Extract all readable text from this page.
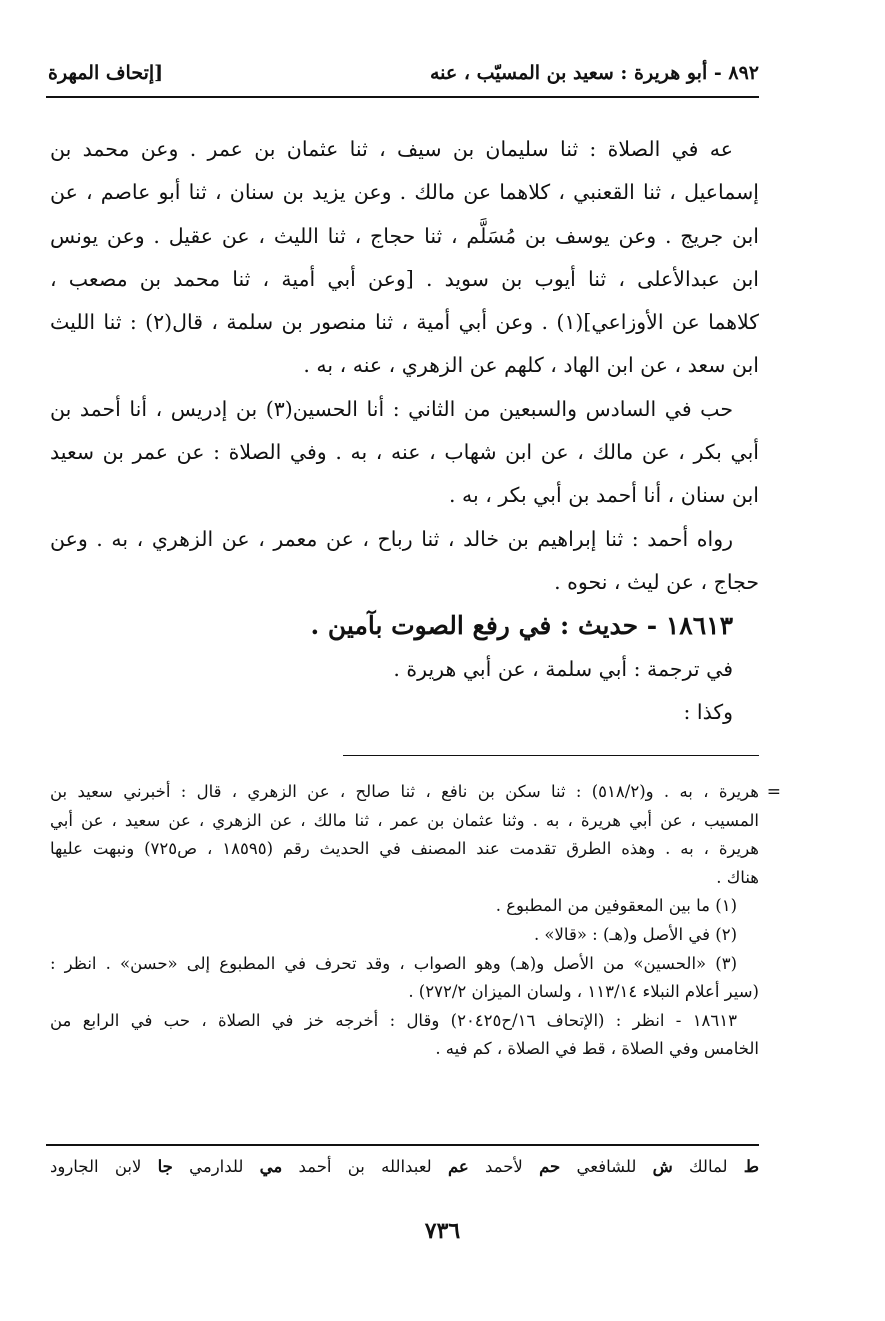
٨٩٢ - أبو هريرة : سعيد بن المسيّب ، عنه
[إتحاف المهرة
عه في الصلاة : ثنا سليمان بن سيف ، ثنا عثمان بن عمر . وعن محمد بن
إسماعيل ، ثنا القعنبي ، كلاهما عن مالك . وعن يزيد بن سنان ، ثنا أبو عاصم ، عن
ابن جريج . وعن يوسف بن مُسَلَّم ، ثنا حجاج ، ثنا الليث ، عن عقيل . وعن يونس
ابن عبدالأعلى ، ثنا أيوب بن سويد . [وعن أبي أمية ، ثنا محمد بن مصعب ،
كلاهما عن الأوزاعي](١) . وعن أبي أمية ، ثنا منصور بن سلمة ، قال(٢) : ثنا الليث
ابن سعد ، عن ابن الهاد ، كلهم عن الزهري ، عنه ، به .
حب في السادس والسبعين من الثاني : أنا الحسين(٣) بن إدريس ، أنا أحمد بن
أبي بكر ، عن مالك ، عن ابن شهاب ، عنه ، به . وفي الصلاة : عن عمر بن سعيد
ابن سنان ، أنا أحمد بن أبي بكر ، به .
رواه أحمد : ثنا إبراهيم بن خالد ، ثنا رباح ، عن معمر ، عن الزهري ، به . وعن
حجاج ، عن ليث ، نحوه .
١٨٦١٣ - حديث : في رفع الصوت بآمين .
في ترجمة : أبي سلمة ، عن أبي هريرة .
وكذا :
=
هريرة ، به . و(٥١٨/٢) : ثنا سكن بن نافع ، ثنا صالح ، عن الزهري ، قال : أخبرني سعيد بن
المسيب ، عن أبي هريرة ، به . وثنا عثمان بن عمر ، ثنا مالك ، عن الزهري ، عن سعيد ، عن أبي
هريرة ، به . وهذه الطرق تقدمت عند المصنف في الحديث رقم (١٨٥٩٥ ، ص٧٢٥) ونبهت عليها
هناك .
(١) ما بين المعقوفين من المطبوع .
(٢) في الأصل و(هـ) : «قالا» .
(٣) «الحسين» من الأصل و(هـ) وهو الصواب ، وقد تحرف في المطبوع إلى «حسن» . انظر :
(سير أعلام النبلاء ١١٣/١٤ ، ولسان الميزان ٢٧٢/٢) .
١٨٦١٣ - انظر : (الإتحاف ١٦/ح٢٠٤٢٥) وقال : أخرجه خز في الصلاة ، حب في الرابع من
الخامس وفي الصلاة ، قط في الصلاة ، كم فيه .
ط لمالك ش للشافعي حم لأحمد عم لعبدالله بن أحمد مي للدارمي جا لابن الجارود
٧٣٦
